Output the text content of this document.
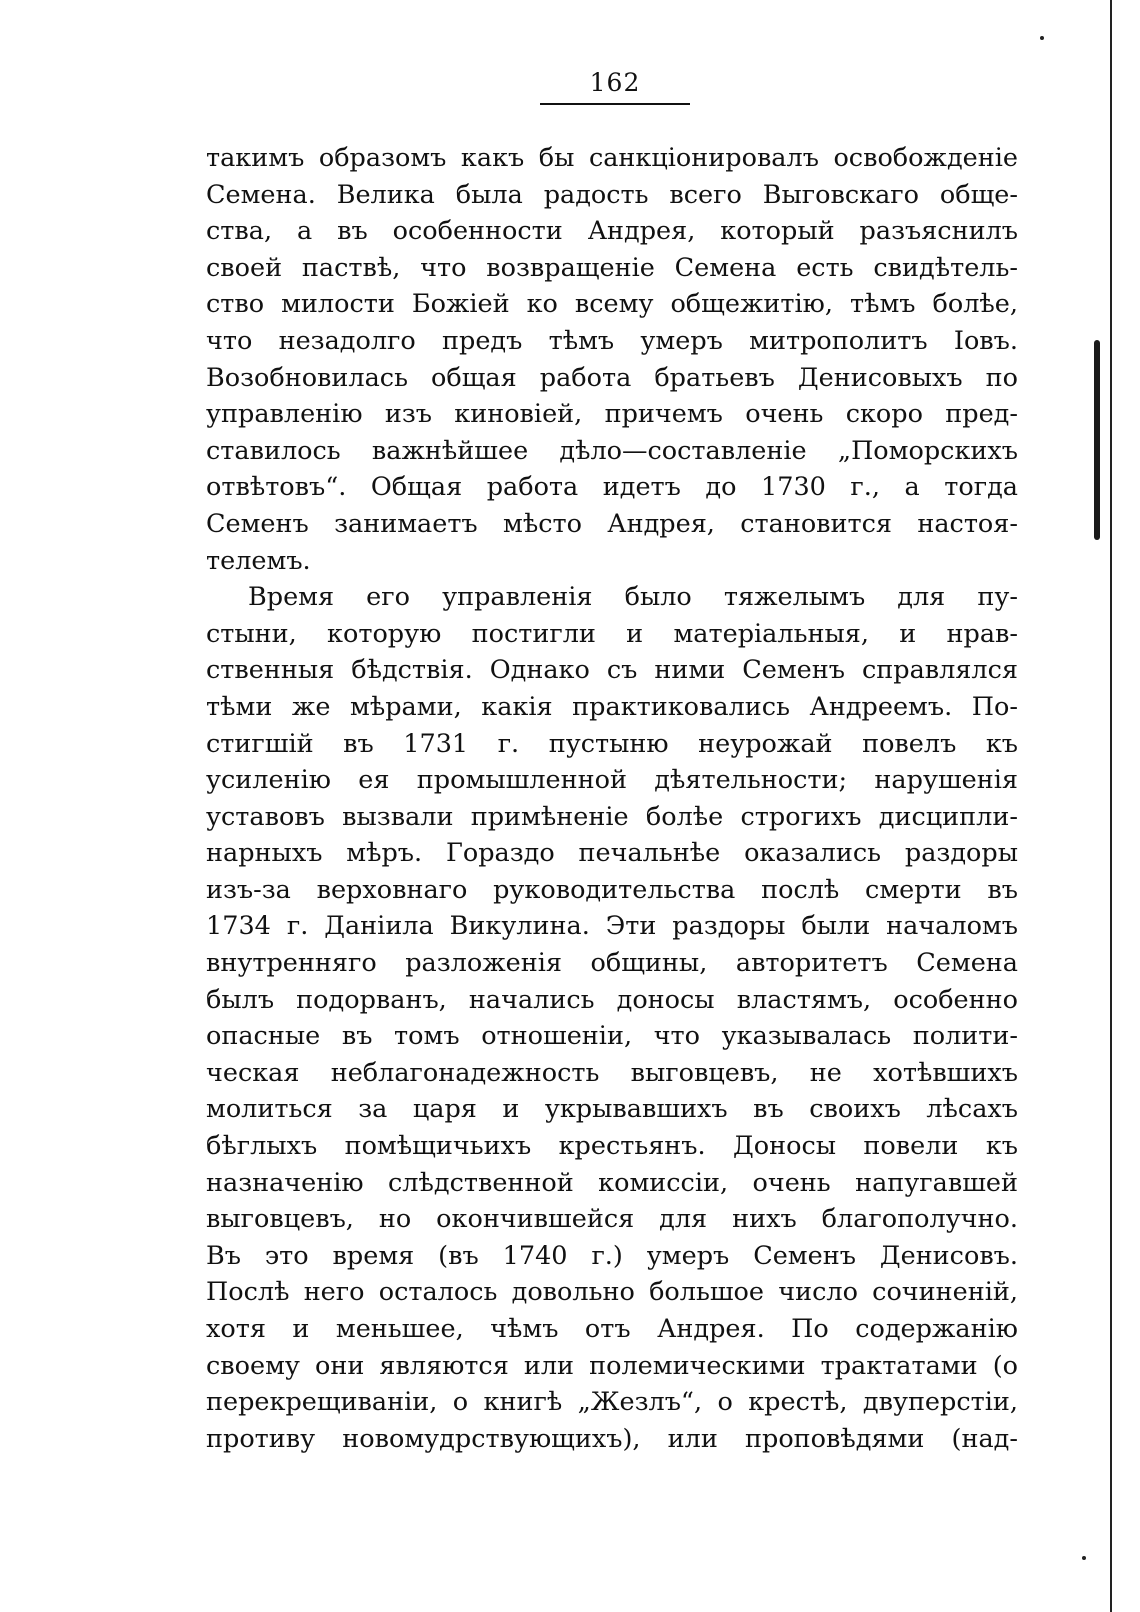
162
такимъ образомъ какъ бы санкціонировалъ освобожденіе
Семена. Велика была радость всего Выговскаго обще-
ства, а въ особенности Андрея, который разъяснилъ
своей паствѣ, что возвращеніе Семена есть свидѣтель-
ство милости Божіей ко всему общежитію, тѣмъ болѣе,
что незадолго предъ тѣмъ умеръ митрополитъ Іовъ.
Возобновилась общая работа братьевъ Денисовыхъ по
управленію изъ киновіей, причемъ очень скоро пред-
ставилось важнѣйшее дѣло—составленіе „Поморскихъ
отвѣтовъ“. Общая работа идетъ до 1730 г., а тогда
Семенъ занимаетъ мѣсто Андрея, становится настоя-
телемъ.
Время его управленія было тяжелымъ для пу-
стыни, которую постигли и матеріальныя, и нрав-
ственныя бѣдствія. Однако съ ними Семенъ справлялся
тѣми же мѣрами, какія практиковались Андреемъ. По-
стигшій въ 1731 г. пустыню неурожай повелъ къ
усиленію ея промышленной дѣятельности; нарушенія
уставовъ вызвали примѣненіе болѣе строгихъ дисципли-
нарныхъ мѣръ. Гораздо печальнѣе оказались раздоры
изъ-за верховнаго руководительства послѣ смерти въ
1734 г. Даніила Викулина. Эти раздоры были началомъ
внутренняго разложенія общины, авторитетъ Семена
былъ подорванъ, начались доносы властямъ, особенно
опасные въ томъ отношеніи, что указывалась полити-
ческая неблагонадежность выговцевъ, не хотѣвшихъ
молиться за царя и укрывавшихъ въ своихъ лѣсахъ
бѣглыхъ помѣщичьихъ крестьянъ. Доносы повели къ
назначенію слѣдственной комиссіи, очень напугавшей
выговцевъ, но окончившейся для нихъ благополучно.
Въ это время (въ 1740 г.) умеръ Семенъ Денисовъ.
Послѣ него осталось довольно большое число сочиненій,
хотя и меньшее, чѣмъ отъ Андрея. По содержанію
своему они являются или полемическими трактатами (о
перекрещиваніи, о книгѣ „Жезлъ“, о крестѣ, двуперстіи,
противу новомудрствующихъ), или проповѣдями (над-
